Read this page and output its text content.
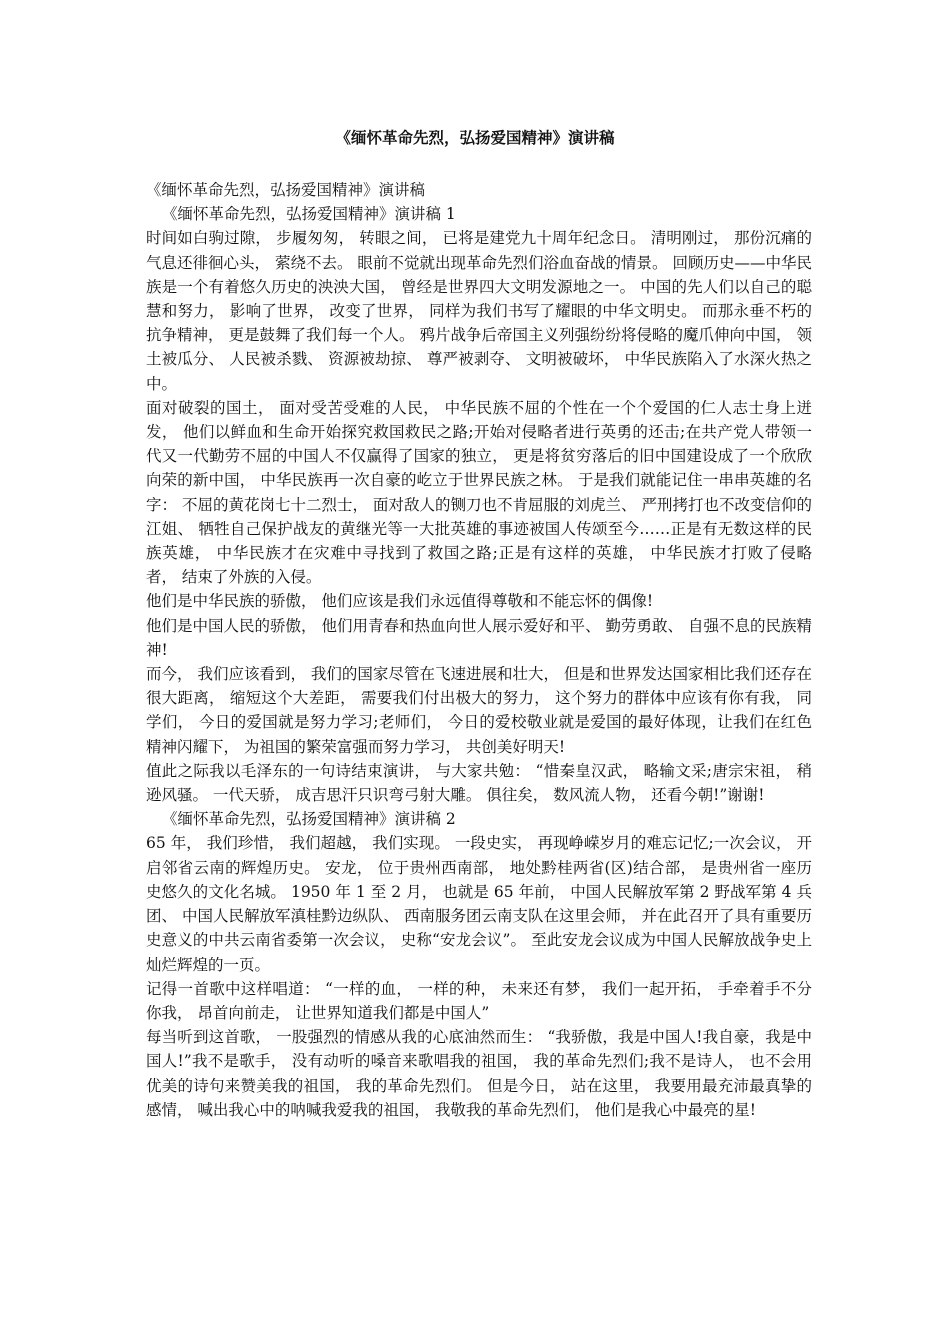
《缅怀革命先烈，弘扬爱国精神》演讲稿

《缅怀革命先烈，弘扬爱国精神》演讲稿

《缅怀革命先烈，弘扬爱国精神》演讲稿 1

时间如白驹过隙， 步履匆匆， 转眼之间， 已将是建党九十周年纪念日。 清明刚过， 那份沉痛的气息还徘徊心头， 萦绕不去。 眼前不觉就出现革命先烈们浴血奋战的情景。 回顾历史——中华民族是一个有着悠久历史的泱泱大国， 曾经是世界四大文明发源地之一。 中国的先人们以自己的聪慧和努力， 影响了世界， 改变了世界， 同样为我们书写了耀眼的中华文明史。 而那永垂不朽的抗争精神， 更是鼓舞了我们每一个人。 鸦片战争后帝国主义列强纷纷将侵略的魔爪伸向中国， 领土被瓜分、 人民被杀戮、 资源被劫掠、 尊严被剥夺、 文明被破坏， 中华民族陷入了水深火热之中。

面对破裂的国土， 面对受苦受难的人民， 中华民族不屈的个性在一个个爱国的仁人志士身上迸发， 他们以鲜血和生命开始探究救国救民之路;开始对侵略者进行英勇的还击;在共产党人带领一代又一代勤劳不屈的中国人不仅赢得了国家的独立， 更是将贫穷落后的旧中国建设成了一个欣欣向荣的新中国， 中华民族再一次自豪的屹立于世界民族之林。 于是我们就能记住一串串英雄的名字： 不屈的黄花岗七十二烈士， 面对敌人的铡刀也不肯屈服的刘虎兰、 严刑拷打也不改变信仰的江姐、 牺牲自己保护战友的黄继光等一大批英雄的事迹被国人传颂至今……正是有无数这样的民族英雄， 中华民族才在灾难中寻找到了救国之路;正是有这样的英雄， 中华民族才打败了侵略者， 结束了外族的入侵。

他们是中华民族的骄傲， 他们应该是我们永远值得尊敬和不能忘怀的偶像!

他们是中国人民的骄傲， 他们用青春和热血向世人展示爱好和平、 勤劳勇敢、 自强不息的民族精神!

而今， 我们应该看到， 我们的国家尽管在飞速进展和壮大， 但是和世界发达国家相比我们还存在很大距离， 缩短这个大差距， 需要我们付出极大的努力， 这个努力的群体中应该有你有我， 同学们， 今日的爱国就是努力学习;老师们， 今日的爱校敬业就是爱国的最好体现，让我们在红色精神闪耀下， 为祖国的繁荣富强而努力学习， 共创美好明天!

值此之际我以毛泽东的一句诗结束演讲， 与大家共勉： “惜秦皇汉武， 略输文采;唐宗宋祖， 稍逊风骚。 一代天骄， 成吉思汗只识弯弓射大雕。 俱往矣， 数风流人物， 还看今朝!”谢谢!

《缅怀革命先烈，弘扬爱国精神》演讲稿 2

65 年， 我们珍惜， 我们超越， 我们实现。 一段史实， 再现峥嵘岁月的难忘记忆;一次会议， 开启邻省云南的辉煌历史。 安龙， 位于贵州西南部， 地处黔桂两省(区)结合部， 是贵州省一座历史悠久的文化名城。 1950 年 1 至 2 月， 也就是 65 年前， 中国人民解放军第 2 野战军第 4 兵团、 中国人民解放军滇桂黔边纵队、 西南服务团云南支队在这里会师， 并在此召开了具有重要历史意义的中共云南省委第一次会议， 史称“安龙会议”。 至此安龙会议成为中国人民解放战争史上灿烂辉煌的一页。

记得一首歌中这样唱道： “一样的血， 一样的种， 未来还有梦， 我们一起开拓， 手牵着手不分你我， 昂首向前走， 让世界知道我们都是中国人”

每当听到这首歌， 一股强烈的情感从我的心底油然而生： “我骄傲，我是中国人!我自豪，我是中国人!”我不是歌手， 没有动听的嗓音来歌唱我的祖国， 我的革命先烈们;我不是诗人， 也不会用优美的诗句来赞美我的祖国， 我的革命先烈们。 但是今日， 站在这里， 我要用最充沛最真挚的感情， 喊出我心中的呐喊我爱我的祖国， 我敬我的革命先烈们， 他们是我心中最亮的星!
